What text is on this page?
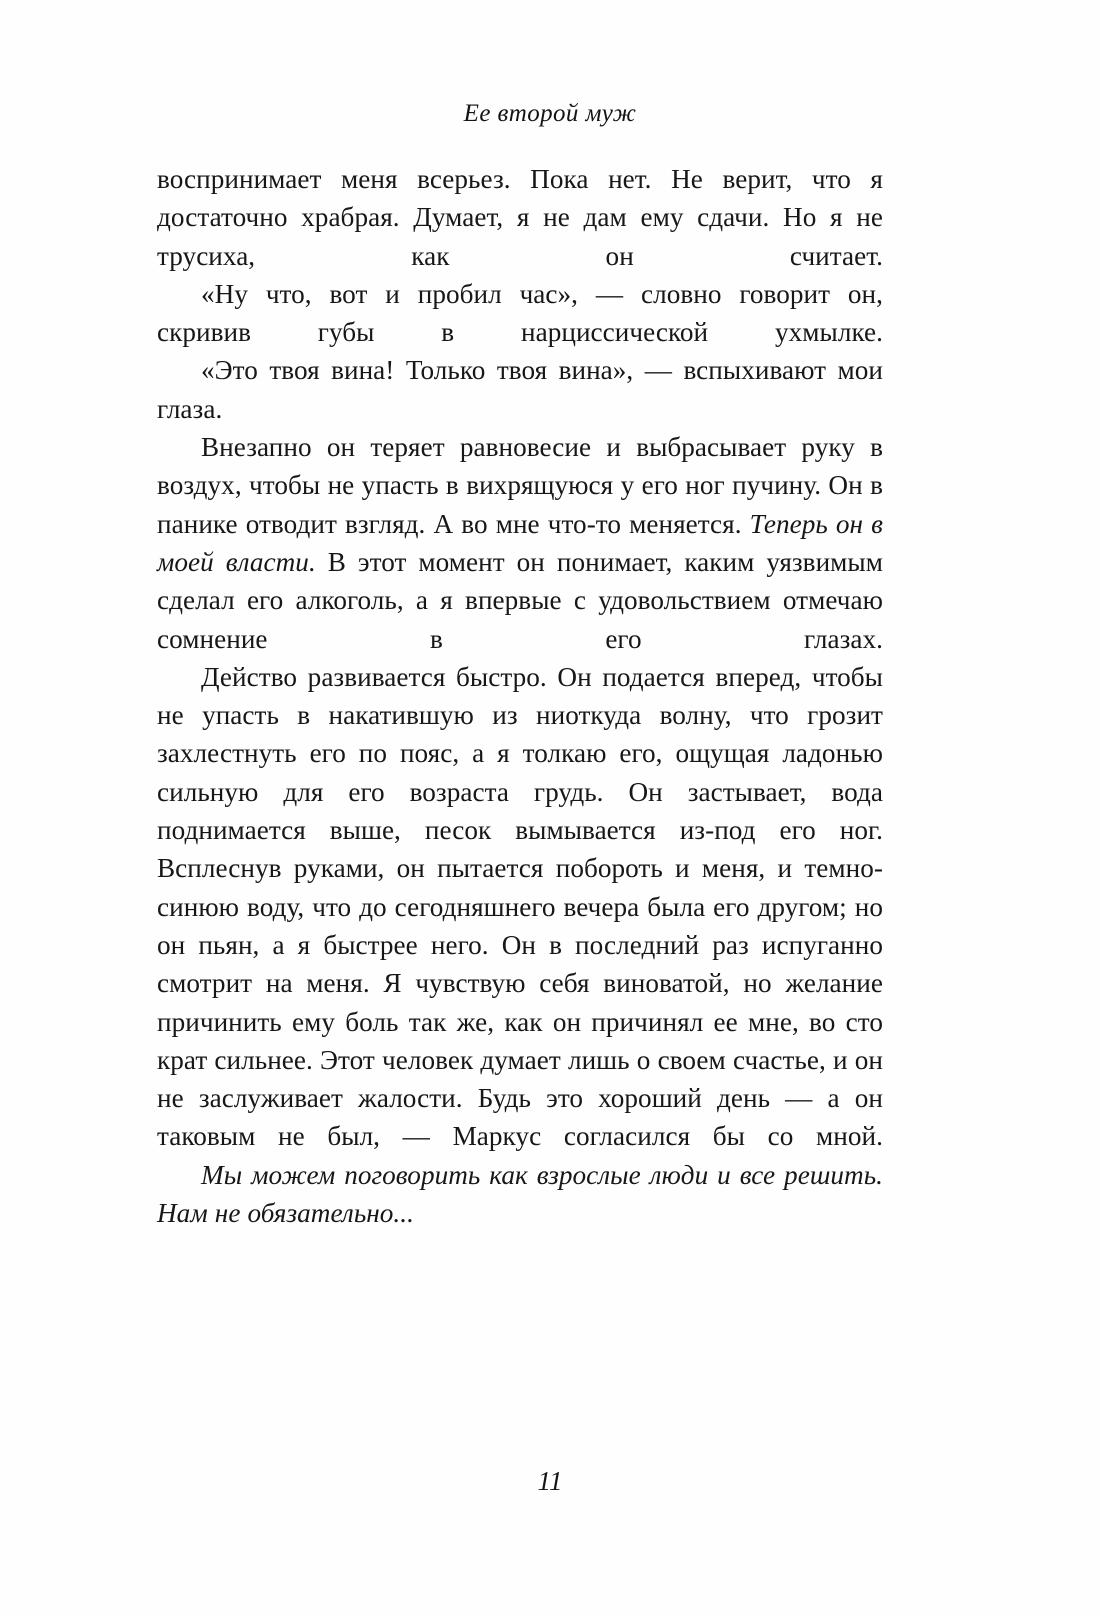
Ее второй муж

воспринимает меня всерьез. Пока нет. Не верит, что я достаточно храбрая. Думает, я не дам ему сдачи. Но я не трусиха, как он считает.

«Ну что, вот и пробил час», — словно говорит он, скривив губы в нарциссической ухмылке.

«Это твоя вина! Только твоя вина», — вспыхивают мои глаза.

Внезапно он теряет равновесие и выбрасывает руку в воздух, чтобы не упасть в вихрящуюся у его ног пучину. Он в панике отводит взгляд. А во мне что-то меняется. Теперь он в моей власти. В этот момент он понимает, каким уязвимым сделал его алкоголь, а я впервые с удовольствием отмечаю сомнение в его глазах.

Действо развивается быстро. Он подается вперед, чтобы не упасть в накатившую из ниоткуда волну, что грозит захлестнуть его по пояс, а я толкаю его, ощущая ладонью сильную для его возраста грудь. Он застывает, вода поднимается выше, песок вымывается из-под его ног. Всплеснув руками, он пытается побороть и меня, и темно-синюю воду, что до сегодняшнего вечера была его другом; но он пьян, а я быстрее него. Он в последний раз испуганно смотрит на меня. Я чувствую себя виноватой, но желание причинить ему боль так же, как он причинял ее мне, во сто крат сильнее. Этот человек думает лишь о своем счастье, и он не заслуживает жалости. Будь это хороший день — а он таковым не был, — Маркус согласился бы со мной.

Мы можем поговорить как взрослые люди и все решить. Нам не обязательно...

11
